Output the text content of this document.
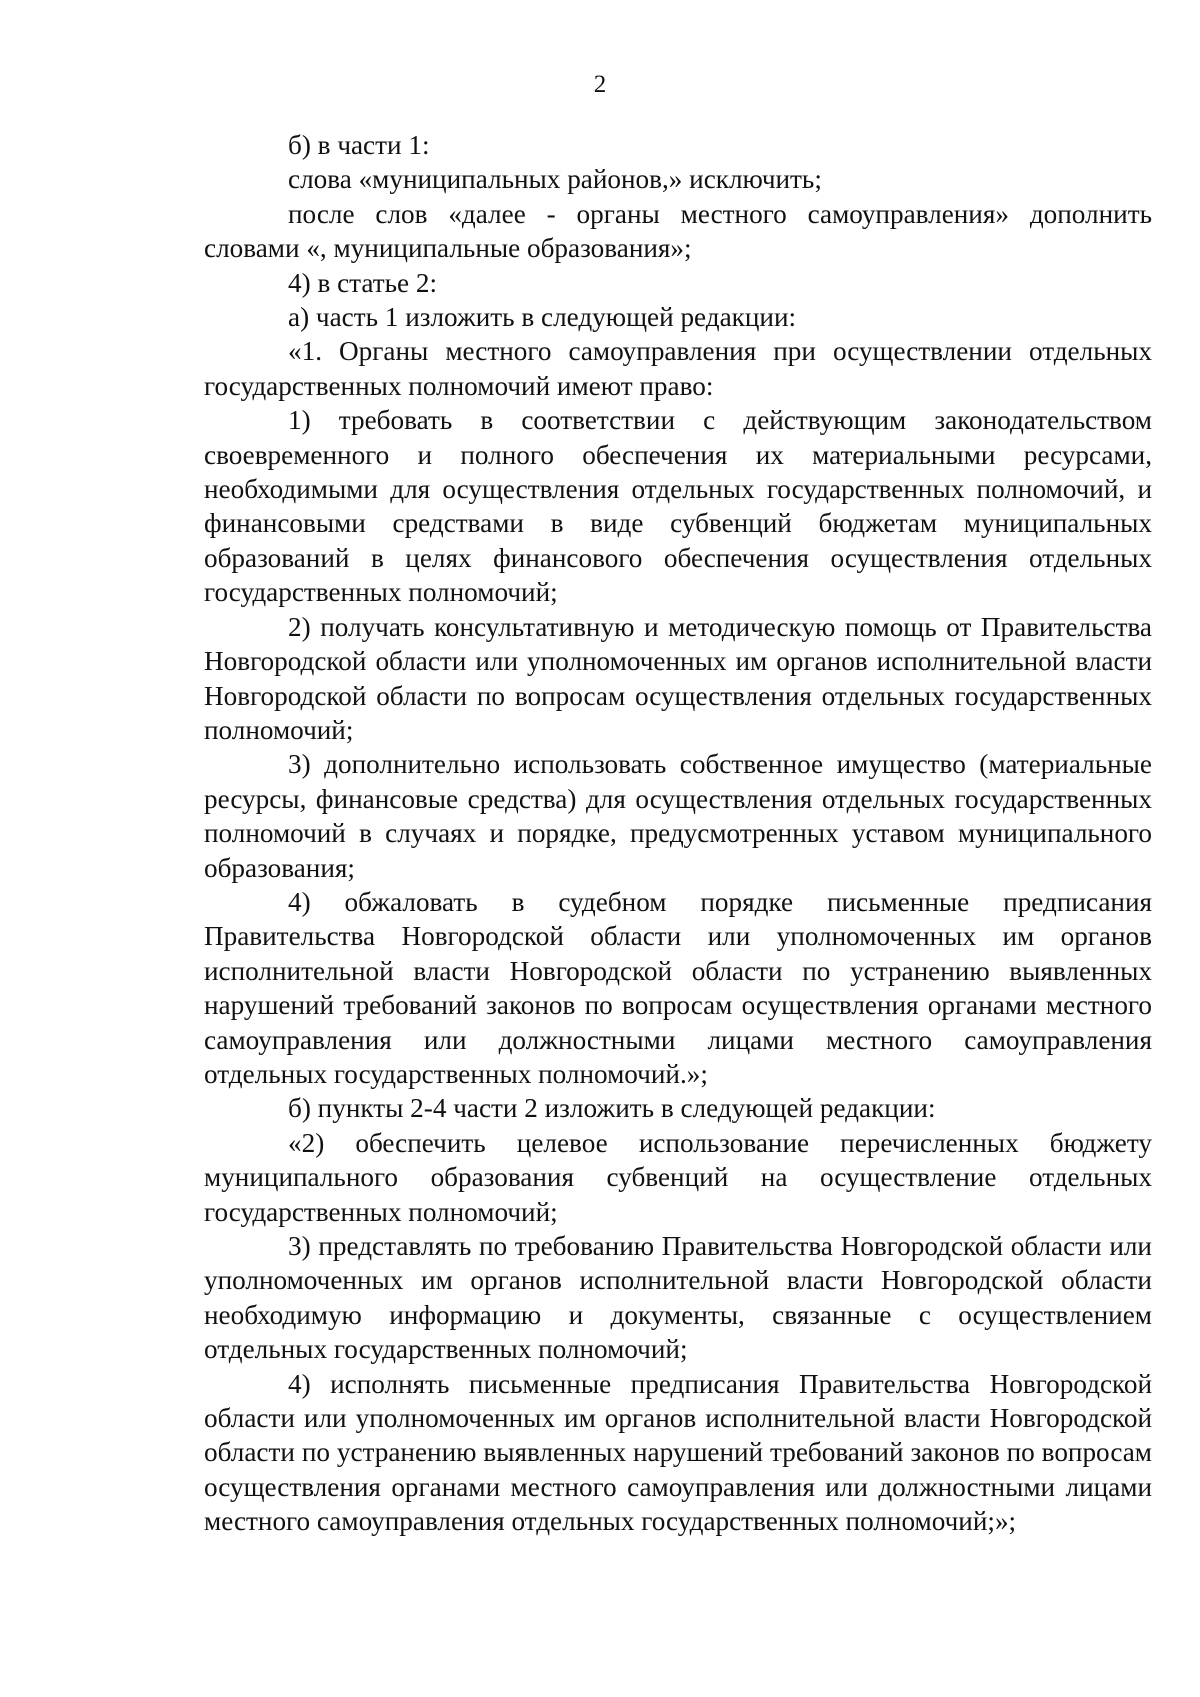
2

б) в части 1:

слова «муниципальных районов,» исключить;

после слов «далее - органы местного самоуправления» дополнить словами «, муниципальные образования»;

4) в статье 2:

а) часть 1 изложить в следующей редакции:

«1. Органы местного самоуправления при осуществлении отдельных государственных полномочий имеют право:

1) требовать в соответствии с действующим законодательством своевременного и полного обеспечения их материальными ресурсами, необходимыми для осуществления отдельных государственных полномочий, и финансовыми средствами в виде субвенций бюджетам муниципальных образований в целях финансового обеспечения осуществления отдельных государственных полномочий;

2) получать консультативную и методическую помощь от Правительства Новгородской области или уполномоченных им органов исполнительной власти Новгородской области по вопросам осуществления отдельных государственных полномочий;

3) дополнительно использовать собственное имущество (материальные ресурсы, финансовые средства) для осуществления отдельных государственных полномочий в случаях и порядке, предусмотренных уставом муниципального образования;

4) обжаловать в судебном порядке письменные предписания Правительства Новгородской области или уполномоченных им органов исполнительной власти Новгородской области по устранению выявленных нарушений требований законов по вопросам осуществления органами местного самоуправления или должностными лицами местного самоуправления отдельных государственных полномочий.»;

б) пункты 2-4 части 2 изложить в следующей редакции:

«2) обеспечить целевое использование перечисленных бюджету муниципального образования субвенций на осуществление отдельных государственных полномочий;

3) представлять по требованию Правительства Новгородской области или уполномоченных им органов исполнительной власти Новгородской области необходимую информацию и документы, связанные с осуществлением отдельных государственных полномочий;

4) исполнять письменные предписания Правительства Новгородской области или уполномоченных им органов исполнительной власти Новгородской области по устранению выявленных нарушений требований законов по вопросам осуществления органами местного самоуправления или должностными лицами местного самоуправления отдельных государственных полномочий;»;
